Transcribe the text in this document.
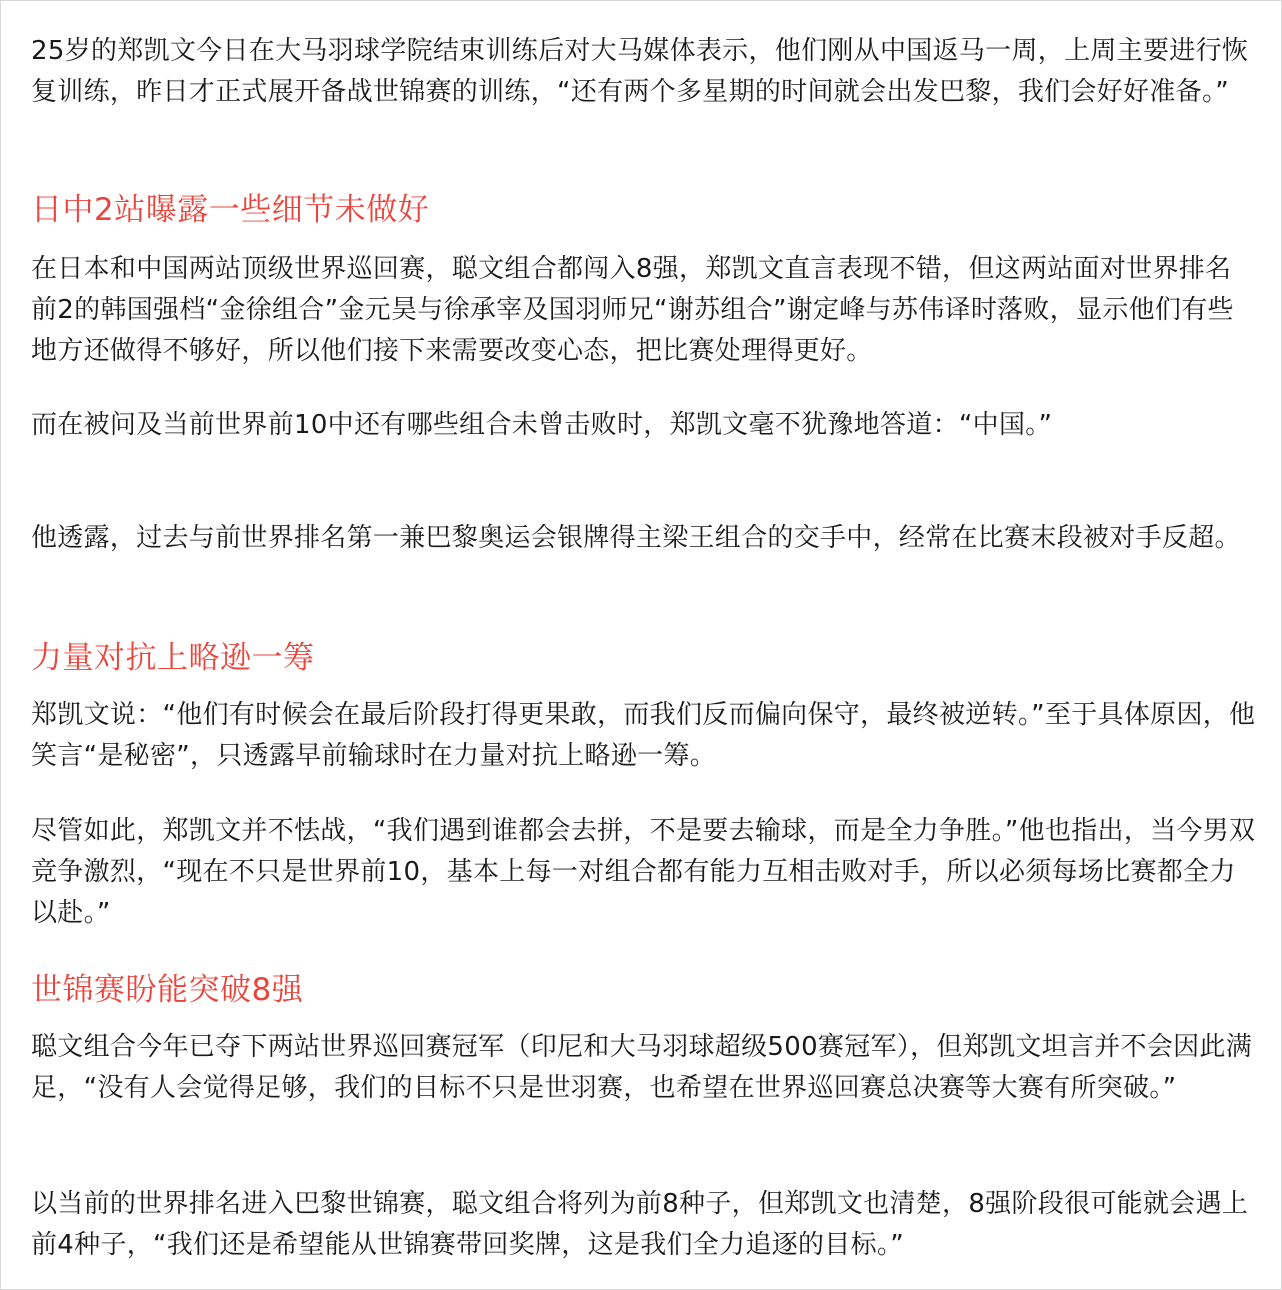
25岁的郑凯文今日在大马羽球学院结束训练后对大马媒体表示，他们刚从中国返马一周，上周主要进行恢复训练，昨日才正式展开备战世锦赛的训练，“还有两个多星期的时间就会出发巴黎，我们会好好准备。”

日中2站曝露一些细节未做好

在日本和中国两站顶级世界巡回赛，聪文组合都闯入8强，郑凯文直言表现不错，但这两站面对世界排名前2的韩国强档“金徐组合”金元昊与徐承宰及国羽师兄“谢苏组合”谢定峰与苏伟译时落败，显示他们有些地方还做得不够好，所以他们接下来需要改变心态，把比赛处理得更好。

而在被问及当前世界前10中还有哪些组合未曾击败时，郑凯文毫不犹豫地答道：“中国。”

他透露，过去与前世界排名第一兼巴黎奥运会银牌得主梁王组合的交手中，经常在比赛末段被对手反超。

力量对抗上略逊一筹

郑凯文说：“他们有时候会在最后阶段打得更果敢，而我们反而偏向保守，最终被逆转。”至于具体原因，他笑言“是秘密”，只透露早前输球时在力量对抗上略逊一筹。

尽管如此，郑凯文并不怯战，“我们遇到谁都会去拼，不是要去输球，而是全力争胜。”他也指出，当今男双竞争激烈，“现在不只是世界前10，基本上每一对组合都有能力互相击败对手，所以必须每场比赛都全力以赴。”

世锦赛盼能突破8强

聪文组合今年已夺下两站世界巡回赛冠军（印尼和大马羽球超级500赛冠军），但郑凯文坦言并不会因此满足，“没有人会觉得足够，我们的目标不只是世羽赛，也希望在世界巡回赛总决赛等大赛有所突破。”

以当前的世界排名进入巴黎世锦赛，聪文组合将列为前8种子，但郑凯文也清楚，8强阶段很可能就会遇上前4种子，“我们还是希望能从世锦赛带回奖牌，这是我们全力追逐的目标。”
